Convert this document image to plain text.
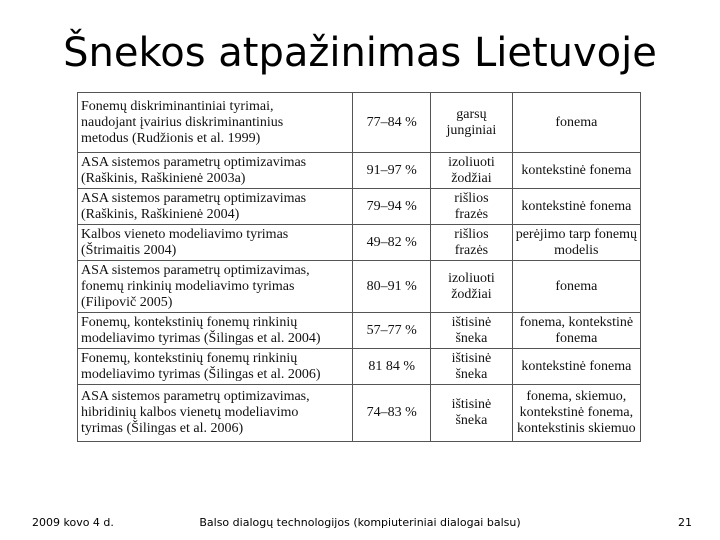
Šnekos atpažinimas Lietuvoje
Fonemų diskriminantiniai tyrimai,
naudojant įvairius diskriminantinius
metodus (Rudžionis et al. 1999)	77–84 %	garsų
junginiai	fonema

ASA sistemos parametrų optimizavimas
(Raškinis, Raškinienė 2003a)	91–97 %	izoliuoti
žodžiai	kontekstinė fonema

ASA sistemos parametrų optimizavimas
(Raškinis, Raškinienė 2004)	79–94 %	rišlios
frazės	kontekstinė fonema

Kalbos vieneto modeliavimo tyrimas
(Štrimaitis 2004)	49–82 %	rišlios
frazės	perėjimo tarp fonemų
modelis

ASA sistemos parametrų optimizavimas,
fonemų rinkinių modeliavimo tyrimas
(Filipovič 2005)	80–91 %	izoliuoti
žodžiai	fonema

Fonemų, kontekstinių fonemų rinkinių
modeliavimo tyrimas (Šilingas et al. 2004)	57–77 %	ištisinė
šneka	fonema, kontekstinė
fonema

Fonemų, kontekstinių fonemų rinkinių
modeliavimo tyrimas (Šilingas et al. 2006)	81 84 %	ištisinė
šneka	kontekstinė fonema

ASA sistemos parametrų optimizavimas,
hibridinių kalbos vienetų modeliavimo
tyrimas (Šilingas et al. 2006)	74–83 %	ištisinė
šneka	fonema, skiemuo,
kontekstinė fonema,
kontekstinis skiemuo
2009 kovo 4 d.	Balso dialogų technologijos (kompiuteriniai dialogai balsu)	21
